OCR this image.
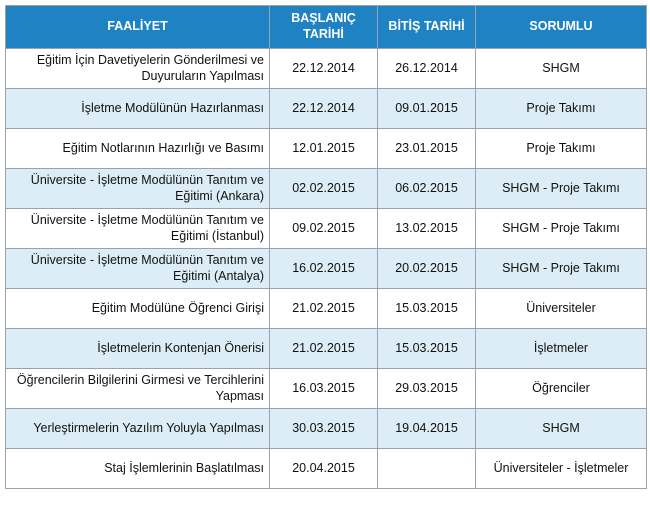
FAALİYET	BAŞLANIÇ TARİHİ	BİTİŞ TARİHİ	SORUMLU
Eğitim İçin Davetiyelerin Gönderilmesi ve Duyuruların Yapılması	22.12.2014	26.12.2014	SHGM
İşletme Modülünün Hazırlanması	22.12.2014	09.01.2015	Proje Takımı
Eğitim Notlarının Hazırlığı ve Basımı	12.01.2015	23.01.2015	Proje Takımı
Üniversite - İşletme Modülünün Tanıtım ve Eğitimi (Ankara)	02.02.2015	06.02.2015	SHGM - Proje Takımı
Üniversite - İşletme Modülünün Tanıtım ve Eğitimi (İstanbul)	09.02.2015	13.02.2015	SHGM - Proje Takımı
Üniversite - İşletme Modülünün Tanıtım ve Eğitimi (Antalya)	16.02.2015	20.02.2015	SHGM - Proje Takımı
Eğitim Modülüne Öğrenci Girişi	21.02.2015	15.03.2015	Üniversiteler
İşletmelerin Kontenjan Önerisi	21.02.2015	15.03.2015	İşletmeler
Öğrencilerin Bilgilerini Girmesi ve Tercihlerini Yapması	16.03.2015	29.03.2015	Öğrenciler
Yerleştirmelerin Yazılım Yoluyla Yapılması	30.03.2015	19.04.2015	SHGM
Staj İşlemlerinin Başlatılması	20.04.2015		Üniversiteler - İşletmeler
